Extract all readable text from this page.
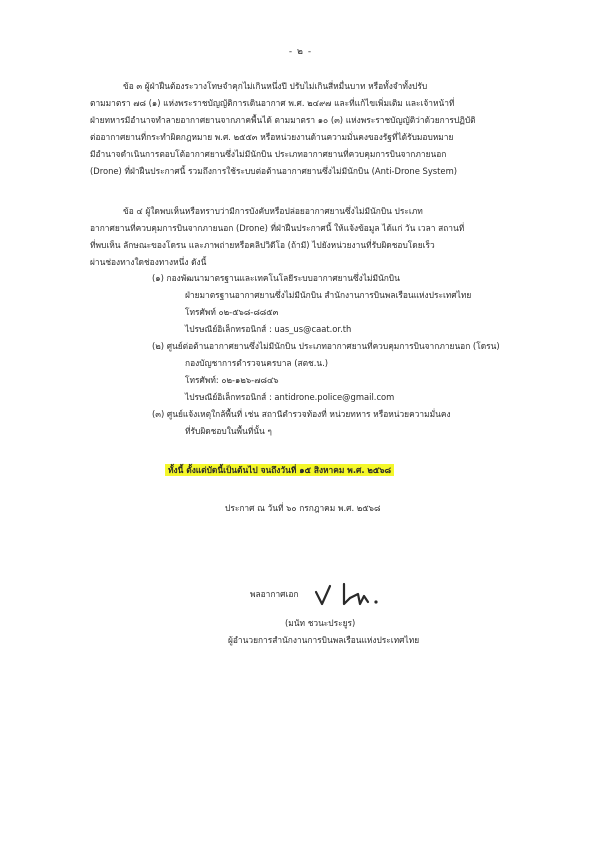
- ๒ -
ข้อ ๓ ผู้ฝ่าฝืนต้องระวางโทษจำคุกไม่เกินหนึ่งปี ปรับไม่เกินสี่หมื่นบาท หรือทั้งจำทั้งปรับ
ตามมาตรา ๗๘ (๑) แห่งพระราชบัญญัติการเดินอากาศ พ.ศ. ๒๔๙๗ และที่แก้ไขเพิ่มเติม และเจ้าหน้าที่
ฝ่ายทหารมีอำนาจทำลายอากาศยานจากภาคพื้นได้ ตามมาตรา ๑๐ (๓) แห่งพระราชบัญญัติว่าด้วยการปฏิบัติ
ต่ออากาศยานที่กระทำผิดกฎหมาย พ.ศ. ๒๕๕๓ หรือหน่วยงานด้านความมั่นคงของรัฐที่ได้รับมอบหมาย
มีอำนาจดำเนินการตอบโต้อากาศยานซึ่งไม่มีนักบิน ประเภทอากาศยานที่ควบคุมการบินจากภายนอก
(Drone) ที่ฝ่าฝืนประกาศนี้ รวมถึงการใช้ระบบต่อต้านอากาศยานซึ่งไม่มีนักบิน (Anti-Drone System)
ข้อ ๔ ผู้ใดพบเห็นหรือทราบว่ามีการบังคับหรือปล่อยอากาศยานซึ่งไม่มีนักบิน ประเภท
อากาศยานที่ควบคุมการบินจากภายนอก (Drone) ที่ฝ่าฝืนประกาศนี้ ให้แจ้งข้อมูล ได้แก่ วัน เวลา สถานที่
ที่พบเห็น ลักษณะของโดรน และภาพถ่ายหรือคลิปวิดีโอ (ถ้ามี) ไปยังหน่วยงานที่รับผิดชอบโดยเร็ว
ผ่านช่องทางใดช่องทางหนึ่ง ดังนี้
(๑) กองพัฒนามาตรฐานและเทคโนโลยีระบบอากาศยานซึ่งไม่มีนักบิน
ฝ่ายมาตรฐานอากาศยานซึ่งไม่มีนักบิน สำนักงานการบินพลเรือนแห่งประเทศไทย
โทรศัพท์ ๐๒-๕๖๘-๘๘๕๓
ไปรษณีย์อิเล็กทรอนิกส์ : uas_us@caat.or.th
(๒) ศูนย์ต่อต้านอากาศยานซึ่งไม่มีนักบิน ประเภทอากาศยานที่ควบคุมการบินจากภายนอก (โดรน)
กองบัญชาการตำรวจนครบาล (สตช.น.)
โทรศัพท์: ๐๒-๑๒๖-๗๘๔๖
ไปรษณีย์อิเล็กทรอนิกส์ : antidrone.police@gmail.com
(๓) ศูนย์แจ้งเหตุใกล้พื้นที่ เช่น สถานีตำรวจท้องที่ หน่วยทหาร หรือหน่วยความมั่นคง
ที่รับผิดชอบในพื้นที่นั้น ๆ
ทั้งนี้ ตั้งแต่บัดนี้เป็นต้นไป จนถึงวันที่ ๑๕ สิงหาคม พ.ศ. ๒๕๖๘
ประกาศ ณ วันที่ ๖๐ กรกฎาคม พ.ศ. ๒๕๖๘
พลอากาศเอก
(มนัท ชวนะประยูร)
ผู้อำนวยการสำนักงานการบินพลเรือนแห่งประเทศไทย
